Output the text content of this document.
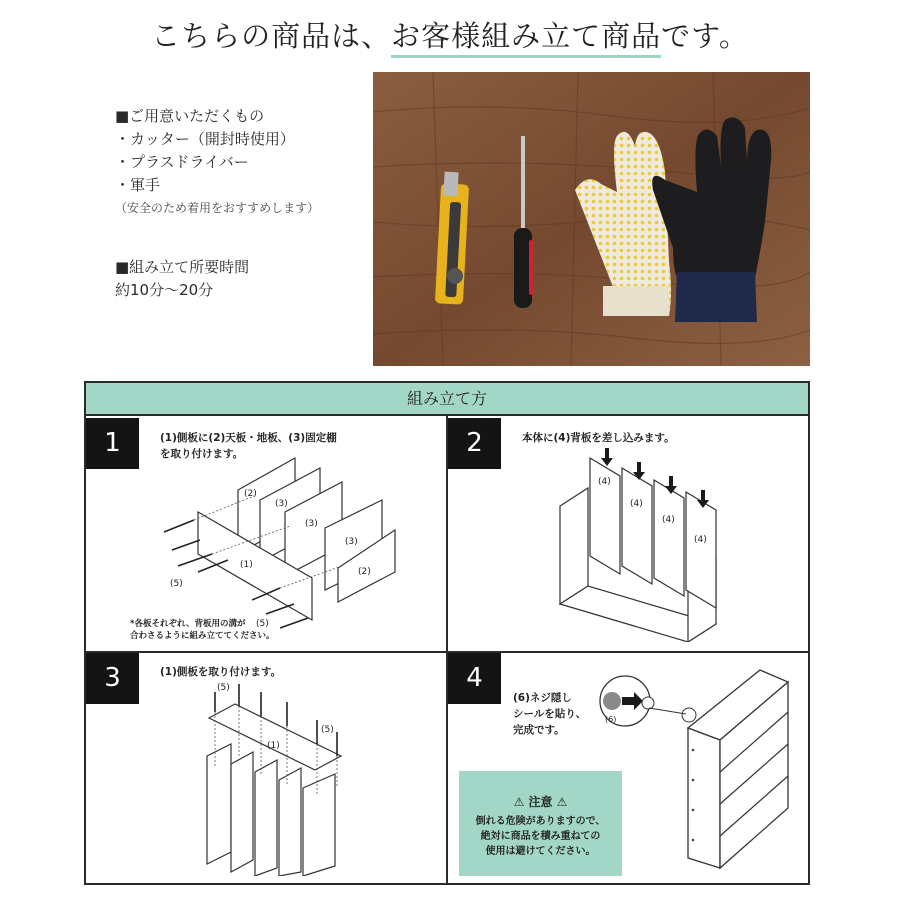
こちらの商品は、お客様組み立て商品です。
■ご用意いただくもの
・カッター（開封時使用）
・プラスドライバー
・軍手
（安全のため着用をおすすめします）
■組み立て所要時間
約10分〜20分
組み立て方
1	2
3	4
(1)側板に(2)天板・地板、(3)固定棚
を取り付けます。
*各板それぞれ、背板用の溝が
合わさるように組み立ててください。
(2)
(3)
(3)
(3)
(2)
(1)
(5)
(5)
本体に(4)背板を差し込みます。
(4)
(4)
(4)
(4)
(1)側板を取り付けます。
(5)
(1)
(5)
(6)ネジ隠し
シールを貼り、
完成です。
(6)
⚠ 注意 ⚠
倒れる危険がありますので、
絶対に商品を積み重ねての
使用は避けてください。
